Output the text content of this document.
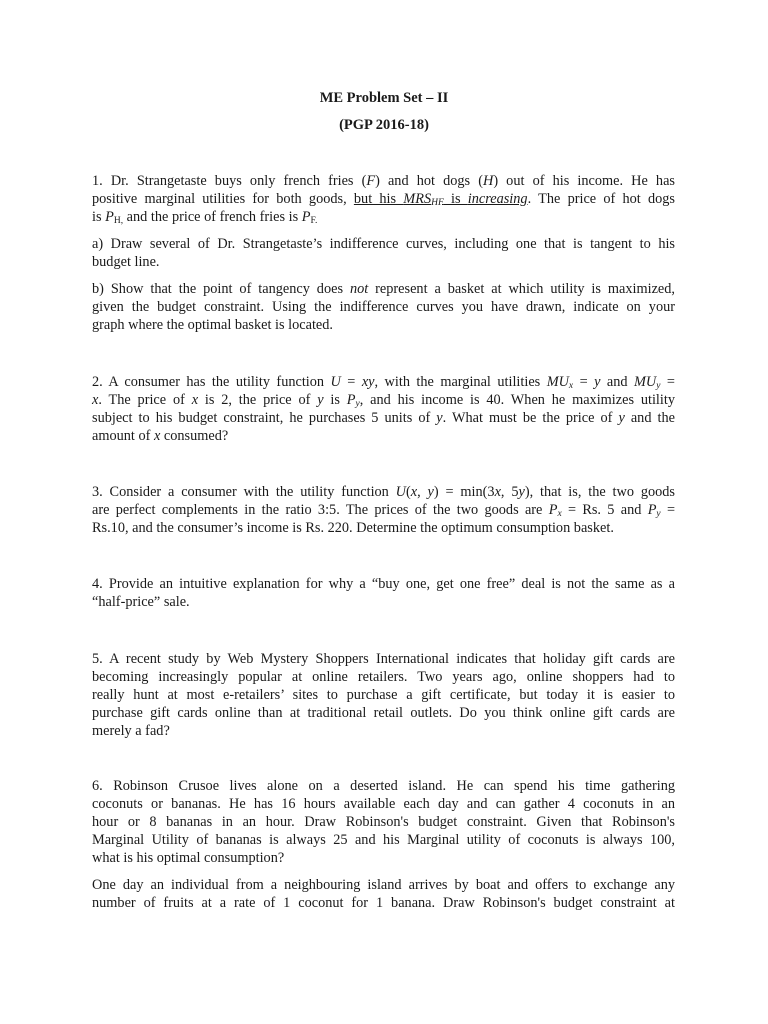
ME Problem Set – II
(PGP 2016-18)
1. Dr. Strangetaste buys only french fries (F) and hot dogs (H) out of his income. He has
positive marginal utilities for both goods, but his $MRS_{HF}$ is increasing. The price of hot dogs
is $P_{H,}$ and the price of french fries is $P_{F.}$
a) Draw several of Dr. Strangetaste’s indifference curves, including one that is tangent to his
budget line.
b) Show that the point of tangency does not represent a basket at which utility is maximized,
given the budget constraint. Using the indifference curves you have drawn, indicate on your
graph where the optimal basket is located.
2. A consumer has the utility function U = xy, with the marginal utilities $MU_x = y$ and $MU_y$ =
x. The price of x is 2, the price of y is $P_y$, and his income is 40. When he maximizes utility
subject to his budget constraint, he purchases 5 units of y. What must be the price of y and the
amount of x consumed?
3. Consider a consumer with the utility function U(x, y) = min(3x, 5y), that is, the two goods
are perfect complements in the ratio 3:5. The prices of the two goods are $P_x = Rs$. 5 and $P_y$ =
Rs.10, and the consumer’s income is Rs. 220. Determine the optimum consumption basket.
4. Provide an intuitive explanation for why a “buy one, get one free” deal is not the same as a
“half-price” sale.
5. A recent study by Web Mystery Shoppers International indicates that holiday gift cards are
becoming increasingly popular at online retailers. Two years ago, online shoppers had to
really hunt at most e-retailers’ sites to purchase a gift certificate, but today it is easier to
purchase gift cards online than at traditional retail outlets. Do you think online gift cards are
merely a fad?
6. Robinson Crusoe lives alone on a deserted island. He can spend his time gathering
coconuts or bananas. He has 16 hours available each day and can gather 4 coconuts in an
hour or 8 bananas in an hour. Draw Robinson's budget constraint. Given that Robinson's
Marginal Utility of bananas is always 25 and his Marginal utility of coconuts is always 100,
what is his optimal consumption?
One day an individual from a neighbouring island arrives by boat and offers to exchange any
number of fruits at a rate of 1 coconut for 1 banana. Draw Robinson's budget constraint at
